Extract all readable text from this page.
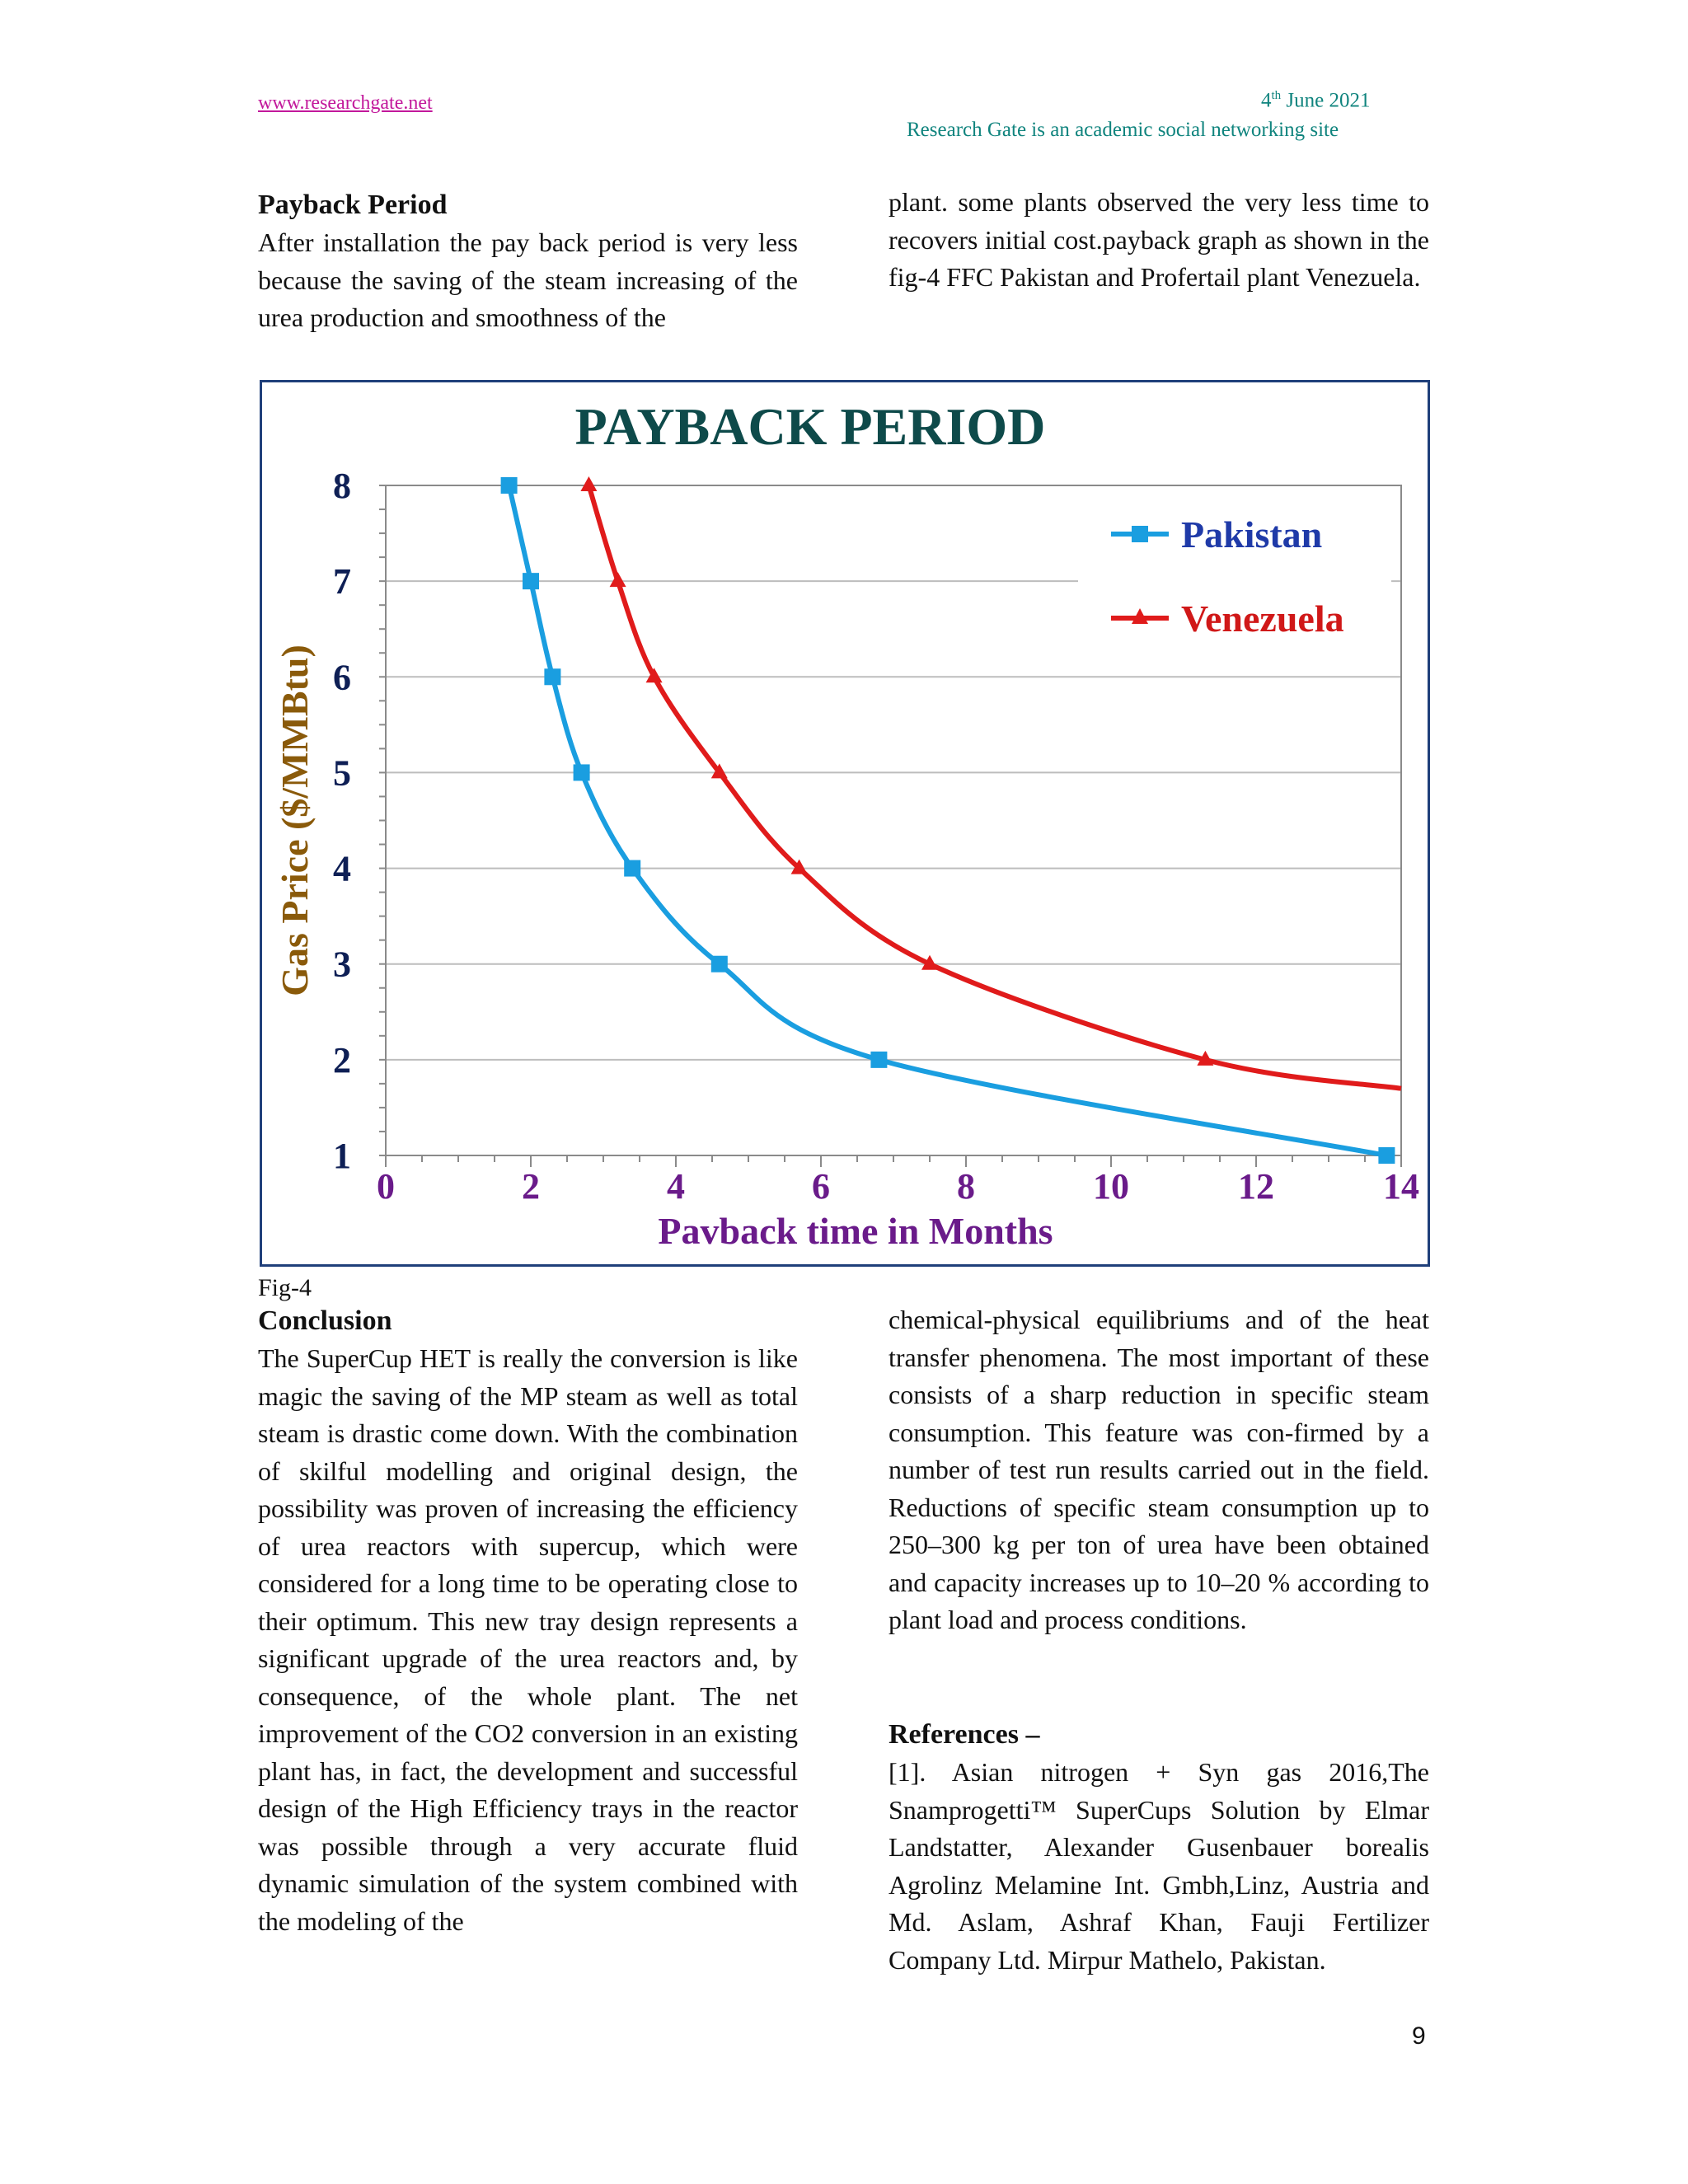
www.researchgate.net	4th June 2021
Research Gate is an academic social networking site
Payback Period
After installation the pay back period is very less because the saving of the steam increasing of the urea production and smoothness of the
plant. some plants observed the very less time to recovers initial cost.payback graph as shown in the fig-4 FFC Pakistan and Profertail plant Venezuela.
PAYBACK PERIOD
0	2	4	6	8	10	12	14
1
2
3
4
5
6
7
8
Pavback time in Months
Gas Price ($/MMBtu)
Pakistan
Venezuela
Fig-4
Conclusion
The SuperCup HET is really the conversion is like magic the saving of the MP steam as well as total steam is drastic come down. With the combination of skilful modelling and original design, the possibility was proven of increasing the efficiency of urea reactors with supercup, which were considered for a long time to be operating close to their optimum. This new tray design represents a significant upgrade of the urea reactors and, by consequence, of the whole plant. The net improvement of the CO2 conversion in an existing plant has, in fact, the development and successful design of the High Efficiency trays in the reactor was possible through a very accurate fluid dynamic simulation of the system combined with the modeling of the
chemical-physical equilibriums and of the heat transfer phenomena. The most important of these consists of a sharp reduction in specific steam consumption. This feature was con-firmed by a number of test run results carried out in the field. Reductions of specific steam consumption up to 250–300 kg per ton of urea have been obtained and capacity increases up to 10–20 % according to plant load and process conditions.
References –
[1]. Asian nitrogen + Syn gas 2016,The Snamprogetti™ SuperCups Solution by Elmar Landstatter, Alexander Gusenbauer borealis Agrolinz Melamine Int. Gmbh,Linz, Austria and Md. Aslam, Ashraf Khan, Fauji Fertilizer Company Ltd. Mirpur Mathelo, Pakistan.
9
